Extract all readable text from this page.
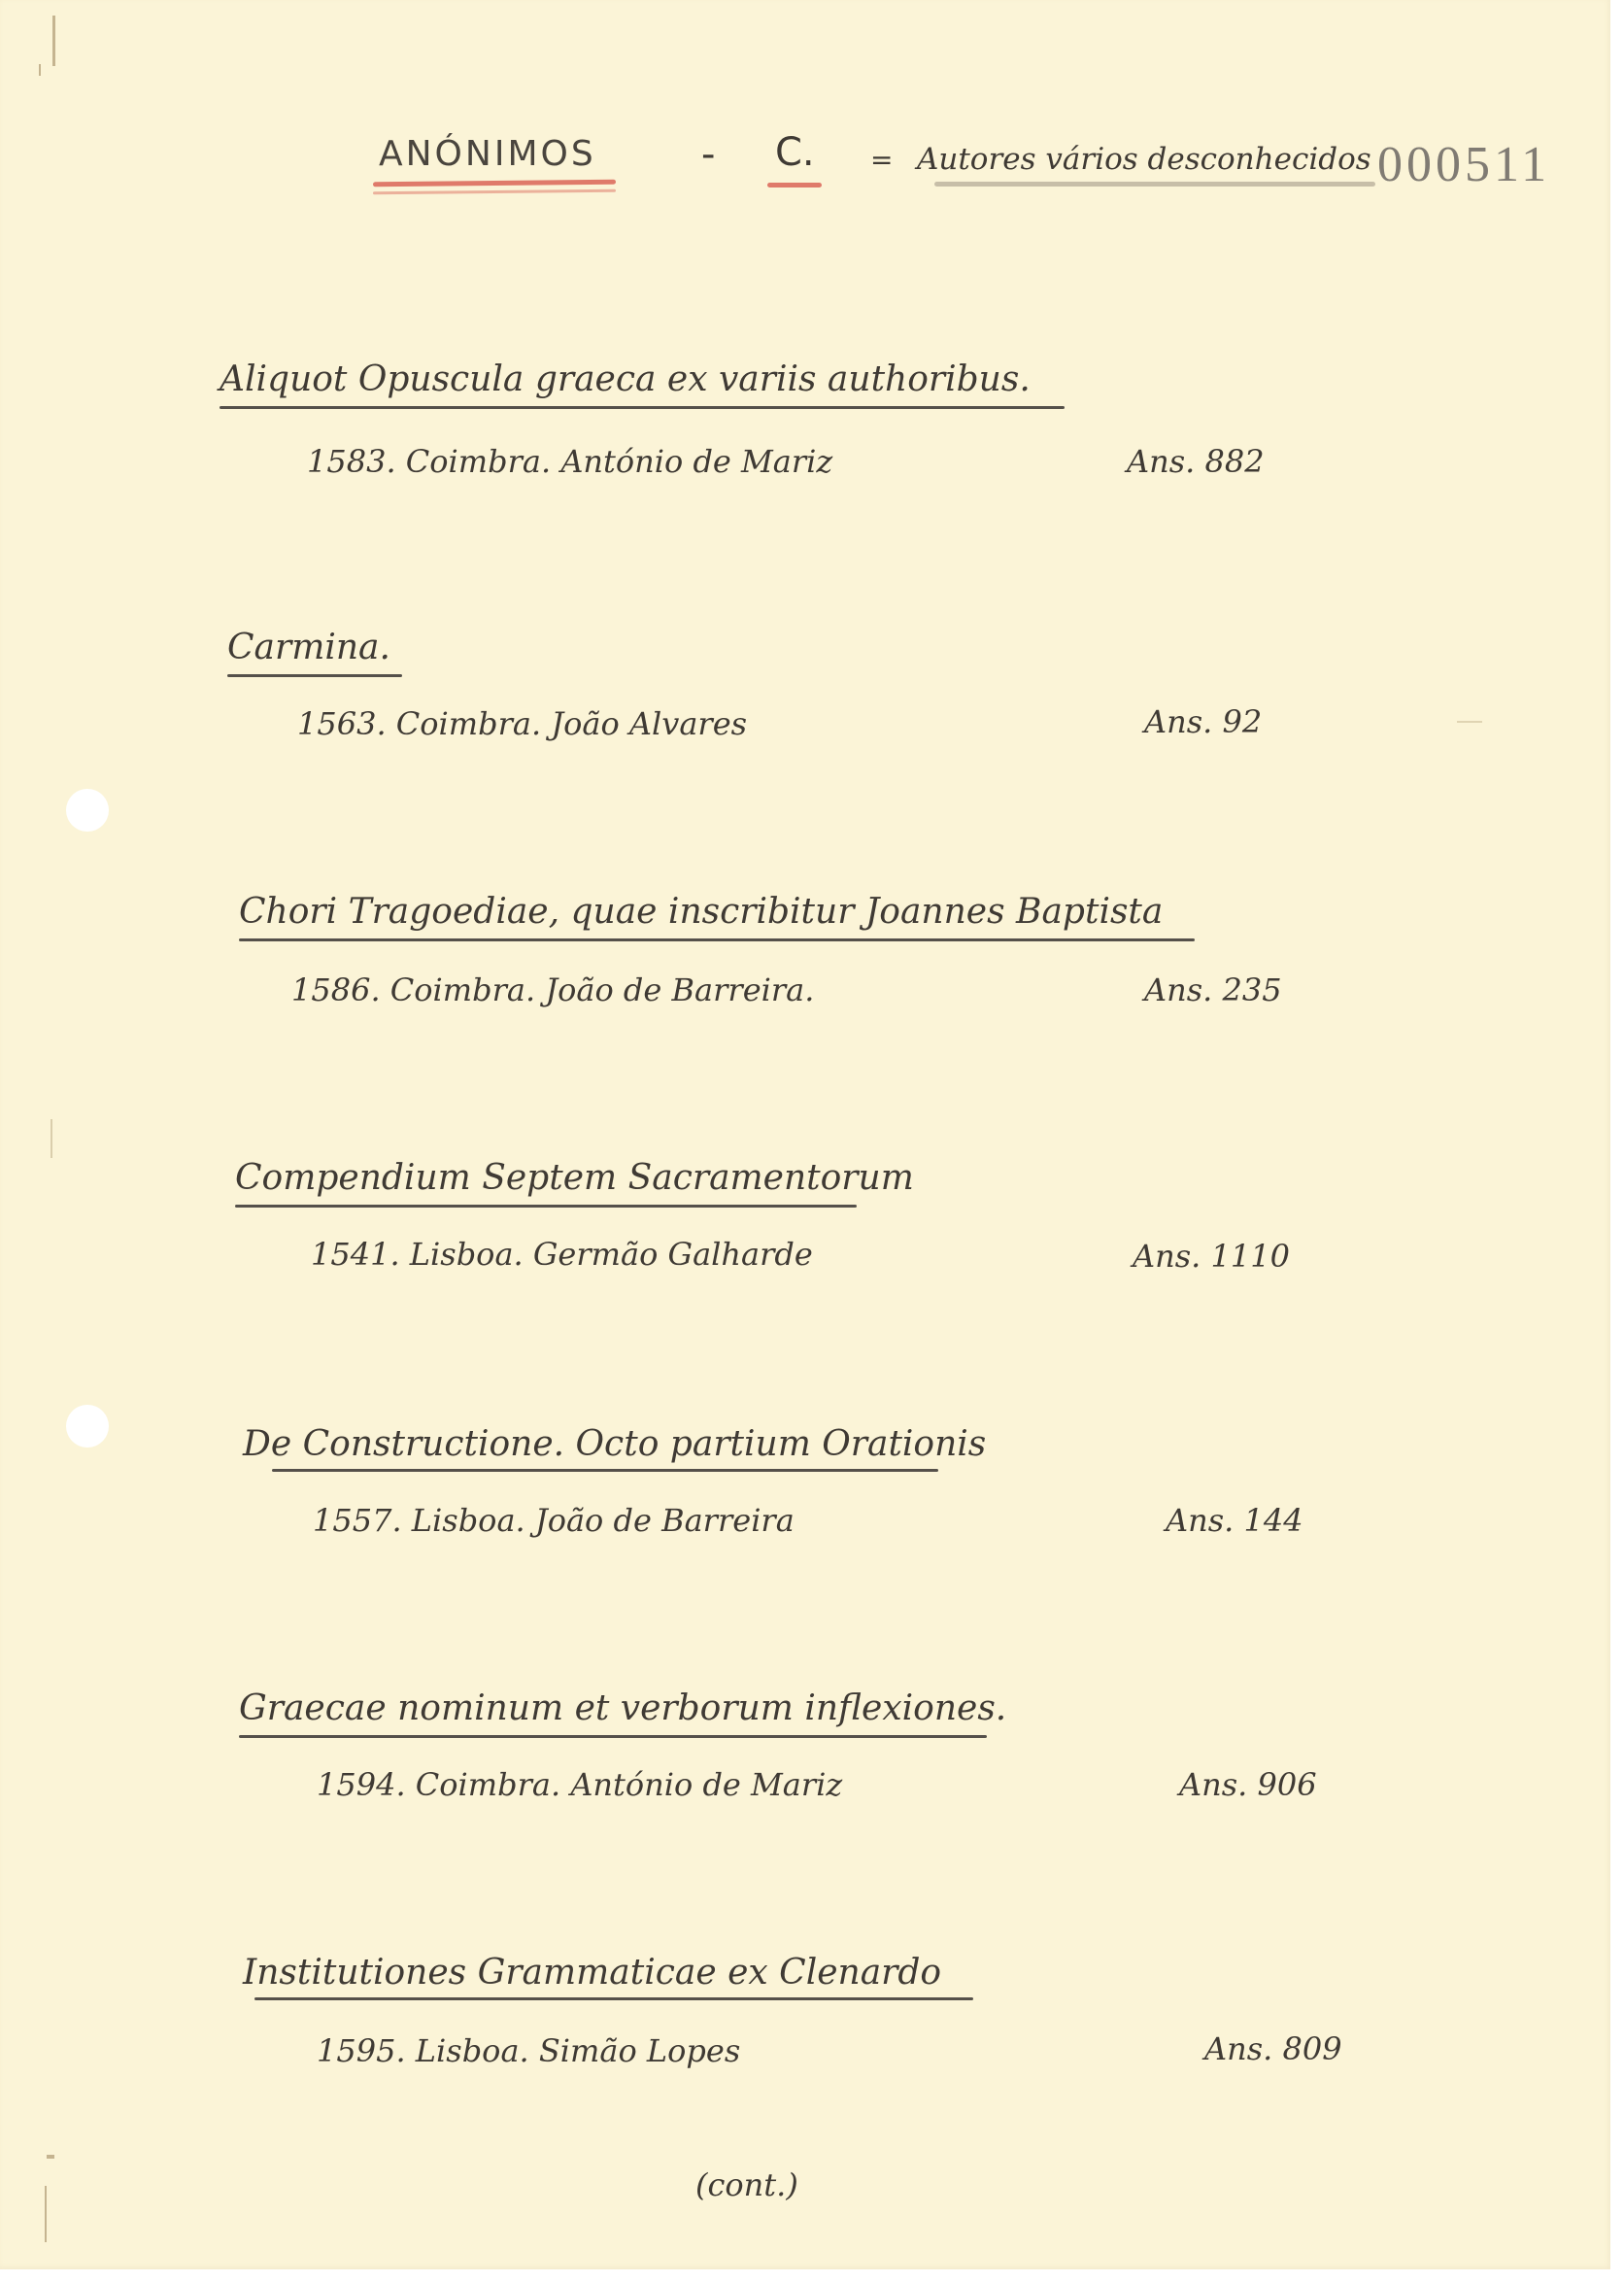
ANÓNIMOS	- C. = Autores vários desconhecidos 000511
Aliquot Opuscula graeca ex variis authoribus.
1583. Coimbra. António de Mariz	Ans. 882
Carmina.
1563. Coimbra. João Alvares	Ans. 92
Chori Tragoediae, quae inscribitur Joannes Baptista
1586. Coimbra. João de Barreira.	Ans. 235
Compendium Septem Sacramentorum
1541. Lisboa. Germão Galharde	Ans. 1110
De Constructione. Octo partium Orationis
1557. Lisboa. João de Barreira	Ans. 144
Graecae nominum et verborum inflexiones.
1594. Coimbra. António de Mariz	Ans. 906
Institutiones Grammaticae ex Clenardo
1595. Lisboa. Simão Lopes	Ans. 809
(cont.)
